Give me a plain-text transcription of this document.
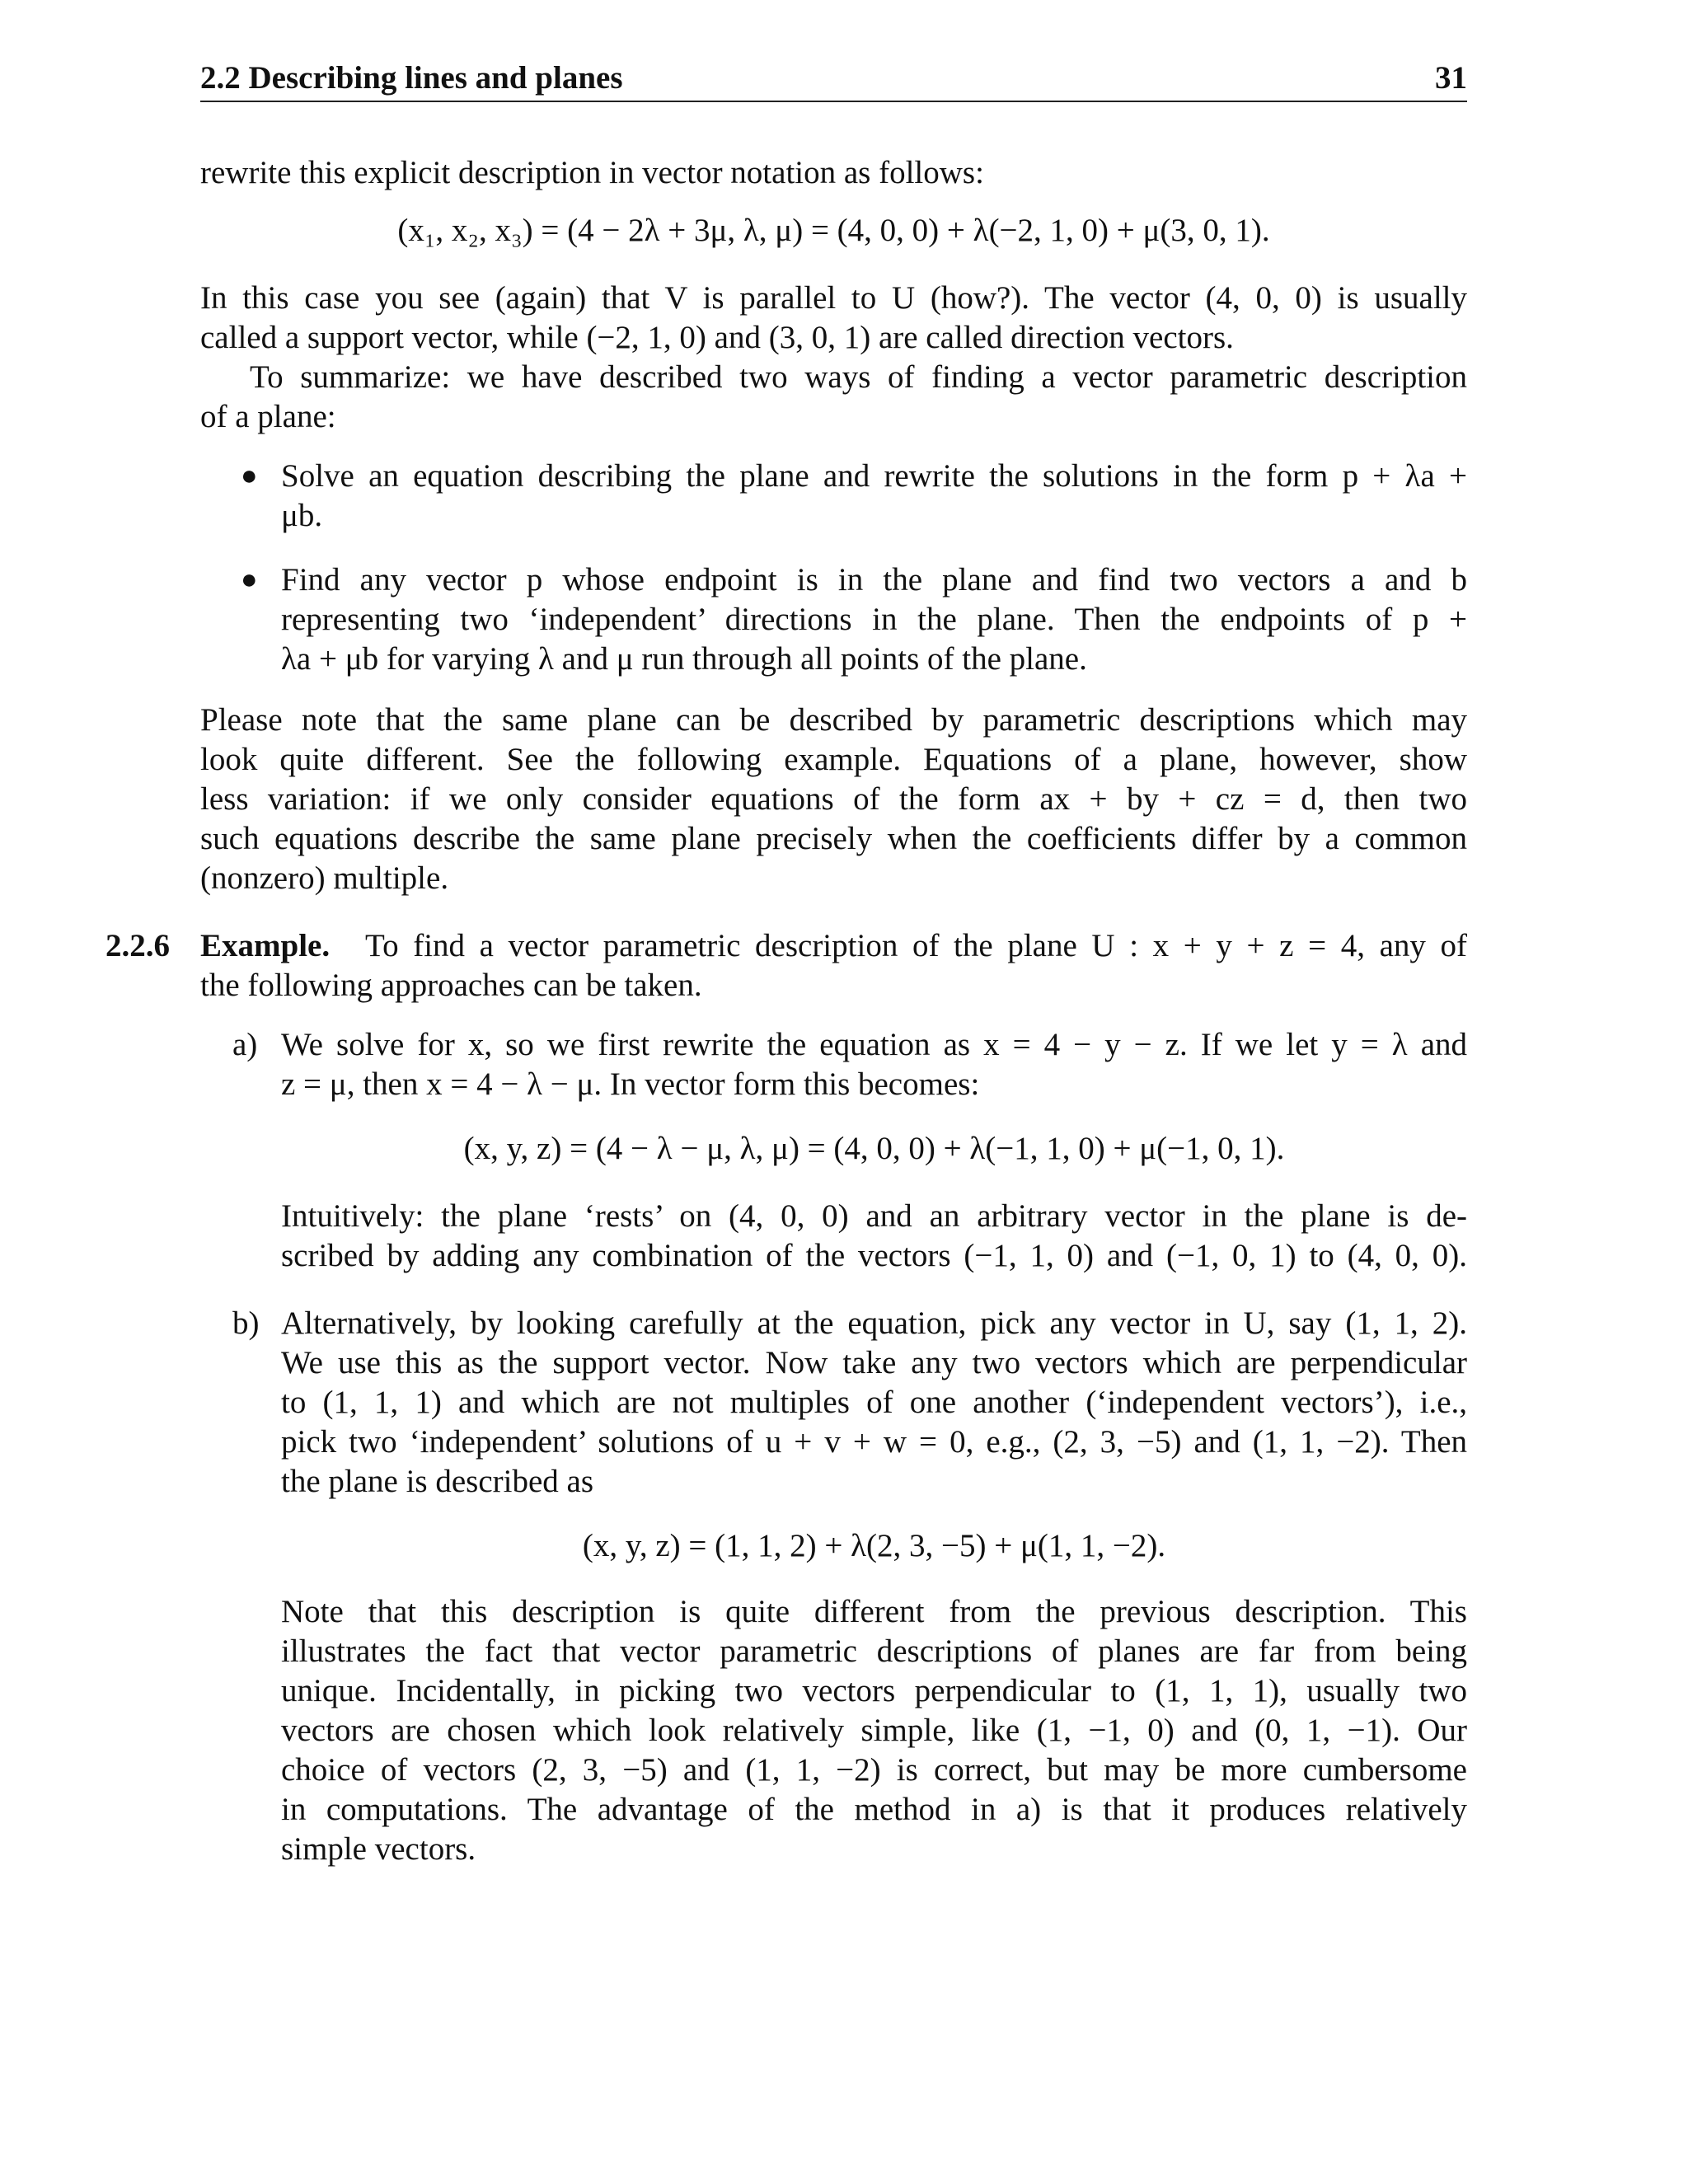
2.2 Describing lines and planes	31
rewrite this explicit description in vector notation as follows:
(x₁, x₂, x₃) = (4 − 2λ + 3μ, λ, μ) = (4, 0, 0) + λ(−2, 1, 0) + μ(3, 0, 1).
In this case you see (again) that V is parallel to U (how?). The vector (4, 0, 0) is usually
called a support vector, while (−2, 1, 0) and (3, 0, 1) are called direction vectors.
To summarize: we have described two ways of finding a vector parametric description
of a plane:
● Solve an equation describing the plane and rewrite the solutions in the form p + λa +
μb.
● Find any vector p whose endpoint is in the plane and find two vectors a and b
representing two ‘independent’ directions in the plane. Then the endpoints of p +
λa + μb for varying λ and μ run through all points of the plane.
Please note that the same plane can be described by parametric descriptions which may
look quite different. See the following example. Equations of a plane, however, show
less variation: if we only consider equations of the form ax + by + cz = d, then two
such equations describe the same plane precisely when the coefficients differ by a common
(nonzero) multiple.
2.2.6 Example. To find a vector parametric description of the plane U : x + y + z = 4, any of
the following approaches can be taken.
a) We solve for x, so we first rewrite the equation as x = 4 − y − z. If we let y = λ and
z = μ, then x = 4 − λ − μ. In vector form this becomes:
(x, y, z) = (4 − λ − μ, λ, μ) = (4, 0, 0) + λ(−1, 1, 0) + μ(−1, 0, 1).
Intuitively: the plane ‘rests’ on (4, 0, 0) and an arbitrary vector in the plane is de-
scribed by adding any combination of the vectors (−1, 1, 0) and (−1, 0, 1) to (4, 0, 0).
b) Alternatively, by looking carefully at the equation, pick any vector in U, say (1, 1, 2).
We use this as the support vector. Now take any two vectors which are perpendicular
to (1, 1, 1) and which are not multiples of one another (‘independent vectors’), i.e.,
pick two ‘independent’ solutions of u + v + w = 0, e.g., (2, 3, −5) and (1, 1, −2). Then
the plane is described as
(x, y, z) = (1, 1, 2) + λ(2, 3, −5) + μ(1, 1, −2).
Note that this description is quite different from the previous description. This
illustrates the fact that vector parametric descriptions of planes are far from being
unique. Incidentally, in picking two vectors perpendicular to (1, 1, 1), usually two
vectors are chosen which look relatively simple, like (1, −1, 0) and (0, 1, −1). Our
choice of vectors (2, 3, −5) and (1, 1, −2) is correct, but may be more cumbersome
in computations. The advantage of the method in a) is that it produces relatively
simple vectors.
